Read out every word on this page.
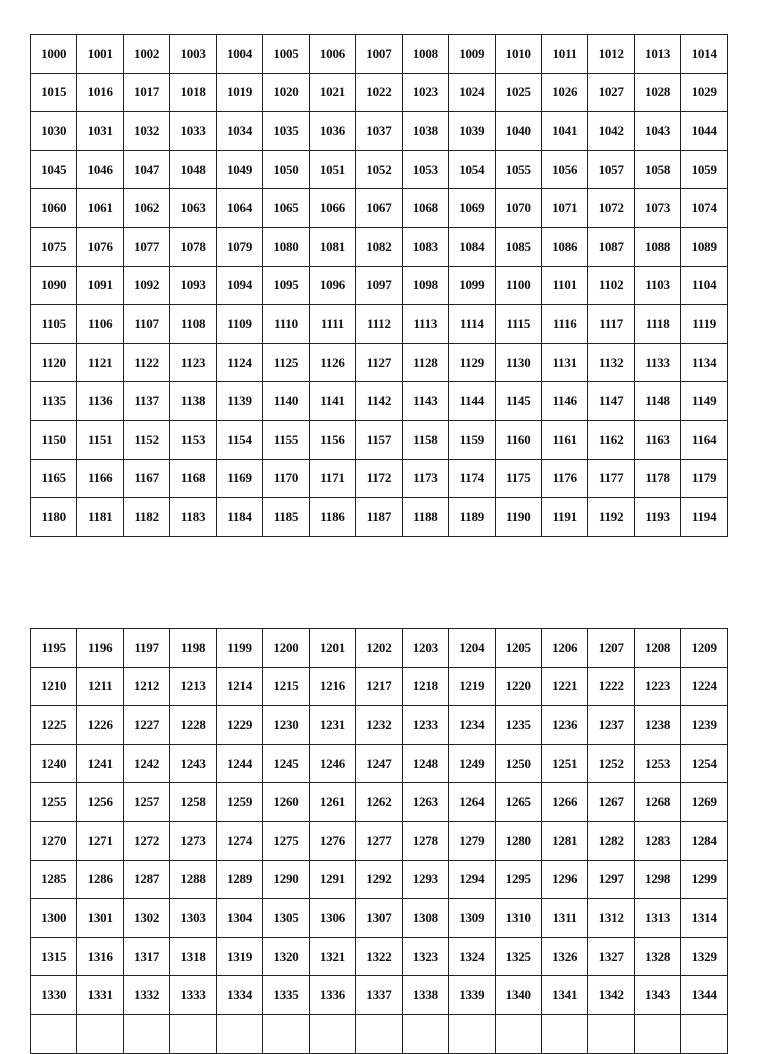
1000	1001	1002	1003	1004	1005	1006	1007	1008	1009	1010	1011	1012	1013	1014
1015	1016	1017	1018	1019	1020	1021	1022	1023	1024	1025	1026	1027	1028	1029
1030	1031	1032	1033	1034	1035	1036	1037	1038	1039	1040	1041	1042	1043	1044
1045	1046	1047	1048	1049	1050	1051	1052	1053	1054	1055	1056	1057	1058	1059
1060	1061	1062	1063	1064	1065	1066	1067	1068	1069	1070	1071	1072	1073	1074
1075	1076	1077	1078	1079	1080	1081	1082	1083	1084	1085	1086	1087	1088	1089
1090	1091	1092	1093	1094	1095	1096	1097	1098	1099	1100	1101	1102	1103	1104
1105	1106	1107	1108	1109	1110	1111	1112	1113	1114	1115	1116	1117	1118	1119
1120	1121	1122	1123	1124	1125	1126	1127	1128	1129	1130	1131	1132	1133	1134
1135	1136	1137	1138	1139	1140	1141	1142	1143	1144	1145	1146	1147	1148	1149
1150	1151	1152	1153	1154	1155	1156	1157	1158	1159	1160	1161	1162	1163	1164
1165	1166	1167	1168	1169	1170	1171	1172	1173	1174	1175	1176	1177	1178	1179
1180	1181	1182	1183	1184	1185	1186	1187	1188	1189	1190	1191	1192	1193	1194
1195	1196	1197	1198	1199	1200	1201	1202	1203	1204	1205	1206	1207	1208	1209
1210	1211	1212	1213	1214	1215	1216	1217	1218	1219	1220	1221	1222	1223	1224
1225	1226	1227	1228	1229	1230	1231	1232	1233	1234	1235	1236	1237	1238	1239
1240	1241	1242	1243	1244	1245	1246	1247	1248	1249	1250	1251	1252	1253	1254
1255	1256	1257	1258	1259	1260	1261	1262	1263	1264	1265	1266	1267	1268	1269
1270	1271	1272	1273	1274	1275	1276	1277	1278	1279	1280	1281	1282	1283	1284
1285	1286	1287	1288	1289	1290	1291	1292	1293	1294	1295	1296	1297	1298	1299
1300	1301	1302	1303	1304	1305	1306	1307	1308	1309	1310	1311	1312	1313	1314
1315	1316	1317	1318	1319	1320	1321	1322	1323	1324	1325	1326	1327	1328	1329
1330	1331	1332	1333	1334	1335	1336	1337	1338	1339	1340	1341	1342	1343	1344
